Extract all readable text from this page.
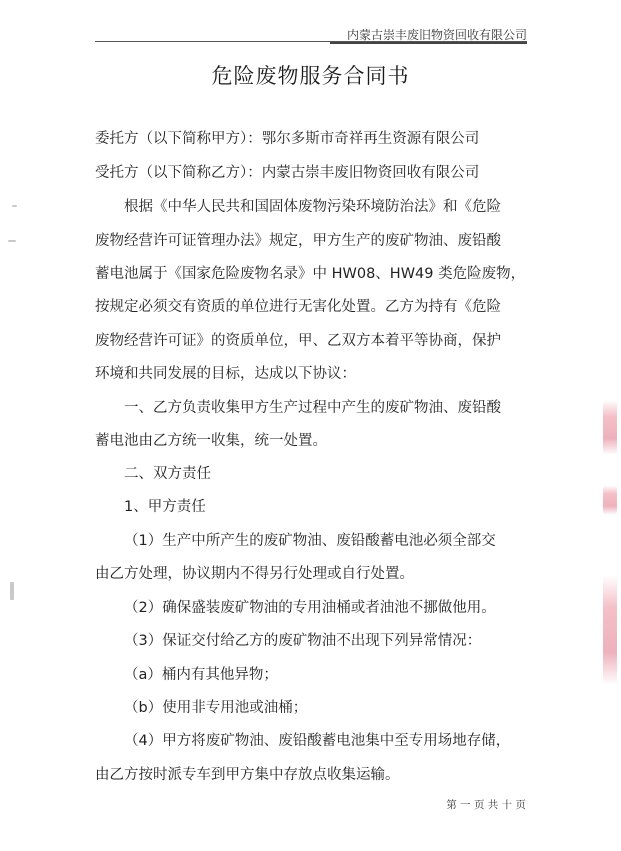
内蒙古崇丰废旧物资回收有限公司
危险废物服务合同书
委托方（以下简称甲方）：鄂尔多斯市奇祥再生资源有限公司
受托方（以下简称乙方）：内蒙古崇丰废旧物资回收有限公司
根据《中华人民共和国固体废物污染环境防治法》和《危险
废物经营许可证管理办法》规定，甲方生产的废矿物油、废铅酸
蓄电池属于《国家危险废物名录》中 HW08、HW49 类危险废物，
按规定必须交有资质的单位进行无害化处置。乙方为持有《危险
废物经营许可证》的资质单位，甲、乙双方本着平等协商，保护
环境和共同发展的目标，达成以下协议：
一、乙方负责收集甲方生产过程中产生的废矿物油、废铅酸
蓄电池由乙方统一收集，统一处置。
二、双方责任
1、甲方责任
（1）生产中所产生的废矿物油、废铅酸蓄电池必须全部交
由乙方处理，协议期内不得另行处理或自行处置。
（2）确保盛装废矿物油的专用油桶或者油池不挪做他用。
（3）保证交付给乙方的废矿物油不出现下列异常情况：
（a）桶内有其他异物；
（b）使用非专用池或油桶；
（4）甲方将废矿物油、废铅酸蓄电池集中至专用场地存储，
由乙方按时派专车到甲方集中存放点收集运输。
第 一 页 共 十 页
